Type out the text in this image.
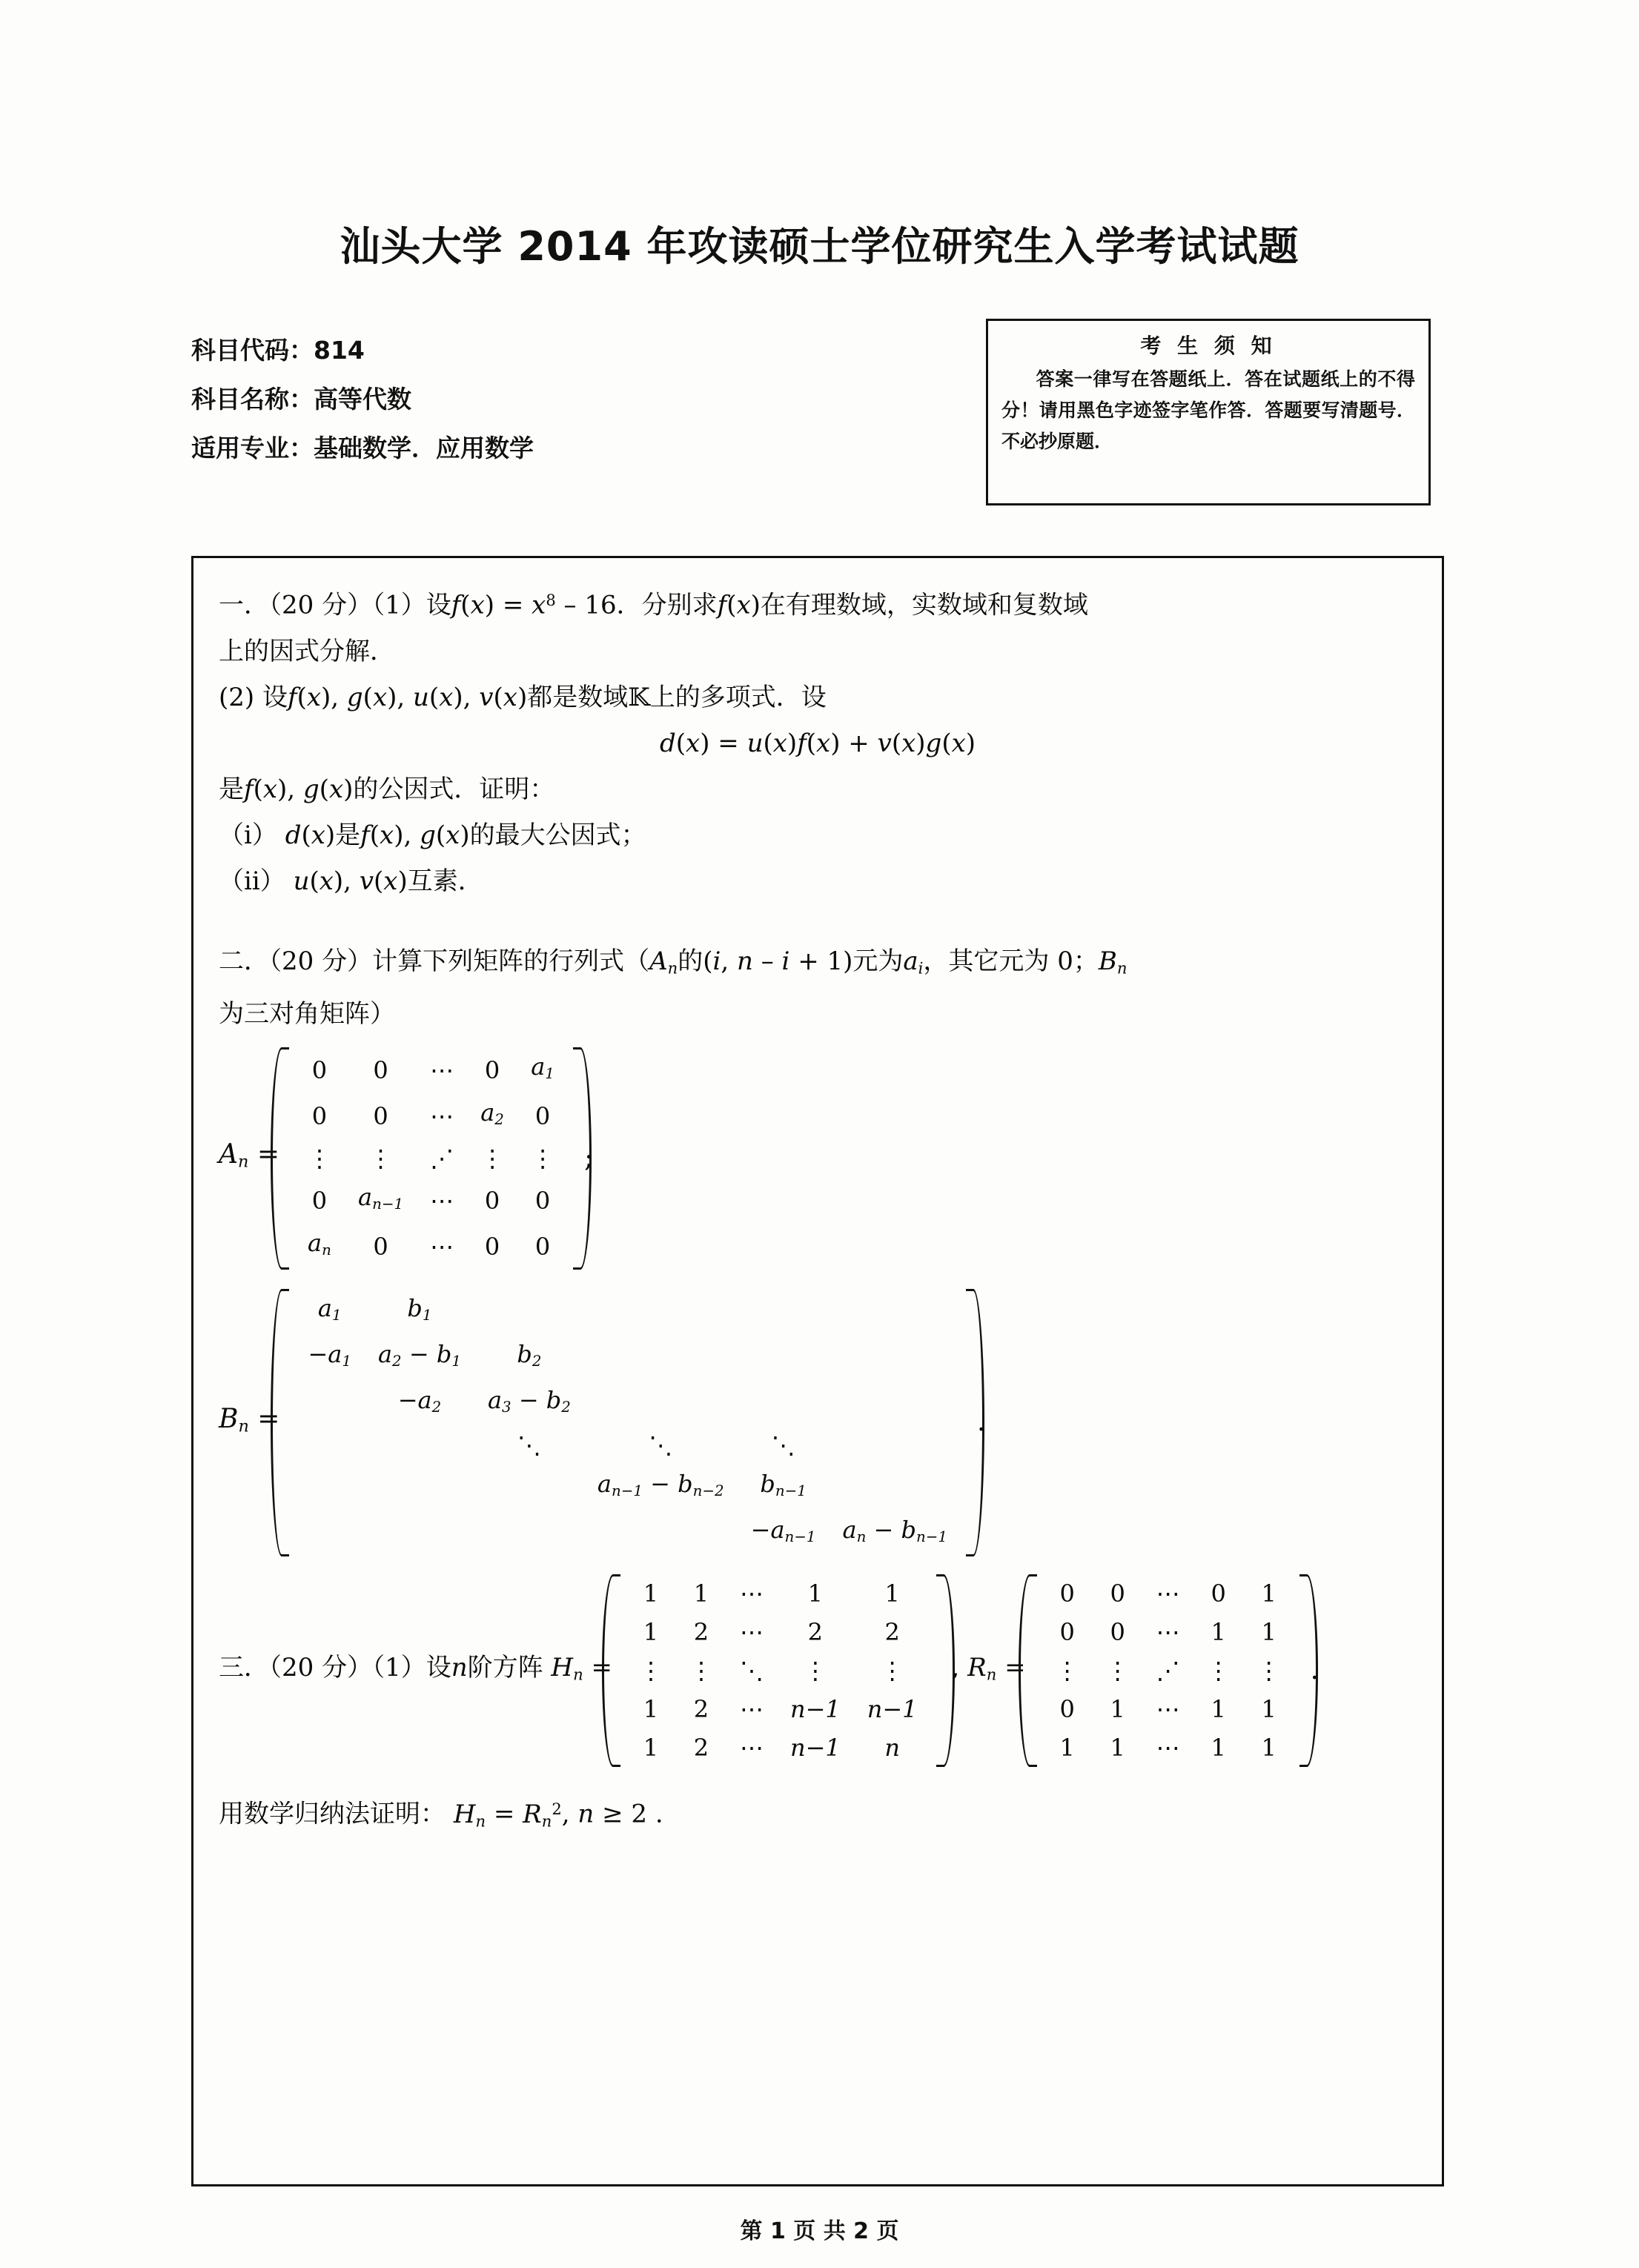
汕头大学 2014 年攻读硕士学位研究生入学考试试题
科目代码：814
科目名称：高等代数
适用专业：基础数学．应用数学
考 生 须 知
答案一律写在答题纸上．答在试题纸上的不得分！请用黑色字迹签字笔作答．答题要写清题号．不必抄原题．
一．（20 分）（1）设$f(x) = x^8 - 16$．分别求f(x)在有理数域，实数域和复数域
上的因式分解．
(2) 设f(x), g(x), u(x), v(x)都是数域𝕂上的多项式．设
d(x) = u(x)f(x) + v(x)g(x)
是f(x), g(x)的公因式．证明：
（i） d(x)是f(x), g(x)的最大公因式；
（ii） u(x), v(x)互素．
二．（20 分）计算下列矩阵的行列式（$A_n$的(i, n – i + 1)元为$a_i$，其它元为 0；$B_n$
为三对角矩阵）
$A_n$ =
0	0	⋯	0	$a_1$
0	0	⋯	$a_2$	0
⋮	⋮	⋰	⋮	⋮
0	$a_{n-1}$	⋯	0	0
$a_n$	0	⋯	0	0
;
$B_n$ =
$a_1$	$b_1$				
$-a_1$	$a_2 - b_1$	$b_2$			
	$-a_2$	$a_3 - b_2$			
		⋱	⋱	⋱	
			$a_{n-1} - b_{n-2}$	$b_{n-1}$	
				$-a_{n-1}$	$a_n - b_{n-1}$
.
三．（20 分）（1）设n阶方阵 $H_n$ =
1	1	⋯	1	1
1	2	⋯	2	2
⋮	⋮	⋱	⋮	⋮
1	2	⋯	n−1	n−1
1	2	⋯	n−1	n
, $R_n$ =
0	0	⋯	0	1
0	0	⋯	1	1
⋮	⋮	⋰	⋮	⋮
0	1	⋯	1	1
1	1	⋯	1	1
.
用数学归纳法证明： $H_n = R_n^2$, n ≥ 2 .
第 1 页 共 2 页
